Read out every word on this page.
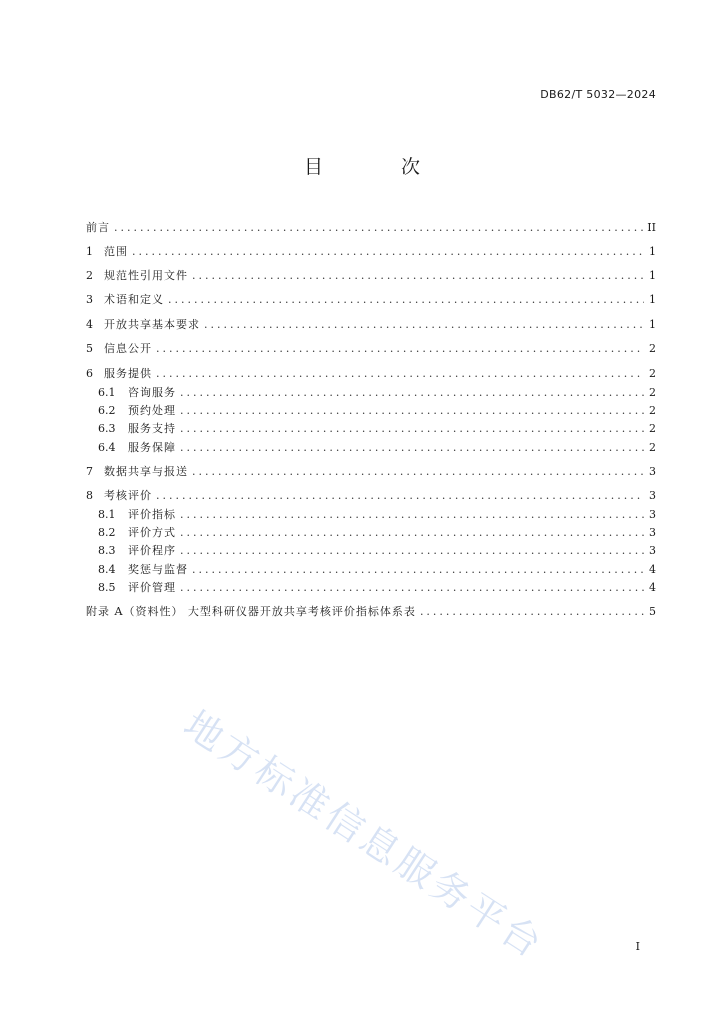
DB62/T 5032—2024
目 次
前言 .....	II
1	范围 .....	1
2	规范性引用文件 .....	1
3	术语和定义 .....	1
4	开放共享基本要求 .....	1
5	信息公开 .....	2
6	服务提供 .....	2
6.1	咨询服务 .....	2
6.2	预约处理 .....	2
6.3	服务支持 .....	2
6.4	服务保障 .....	2
7	数据共享与报送 .....	3
8	考核评价 .....	3
8.1	评价指标 .....	3
8.2	评价方式 .....	3
8.3	评价程序 .....	3
8.4	奖惩与监督 .....	4
8.5	评价管理 .....	4
附录 A（资料性） 大型科研仪器开放共享考核评价指标体系表 .....	5
地方标准信息服务平台	I
